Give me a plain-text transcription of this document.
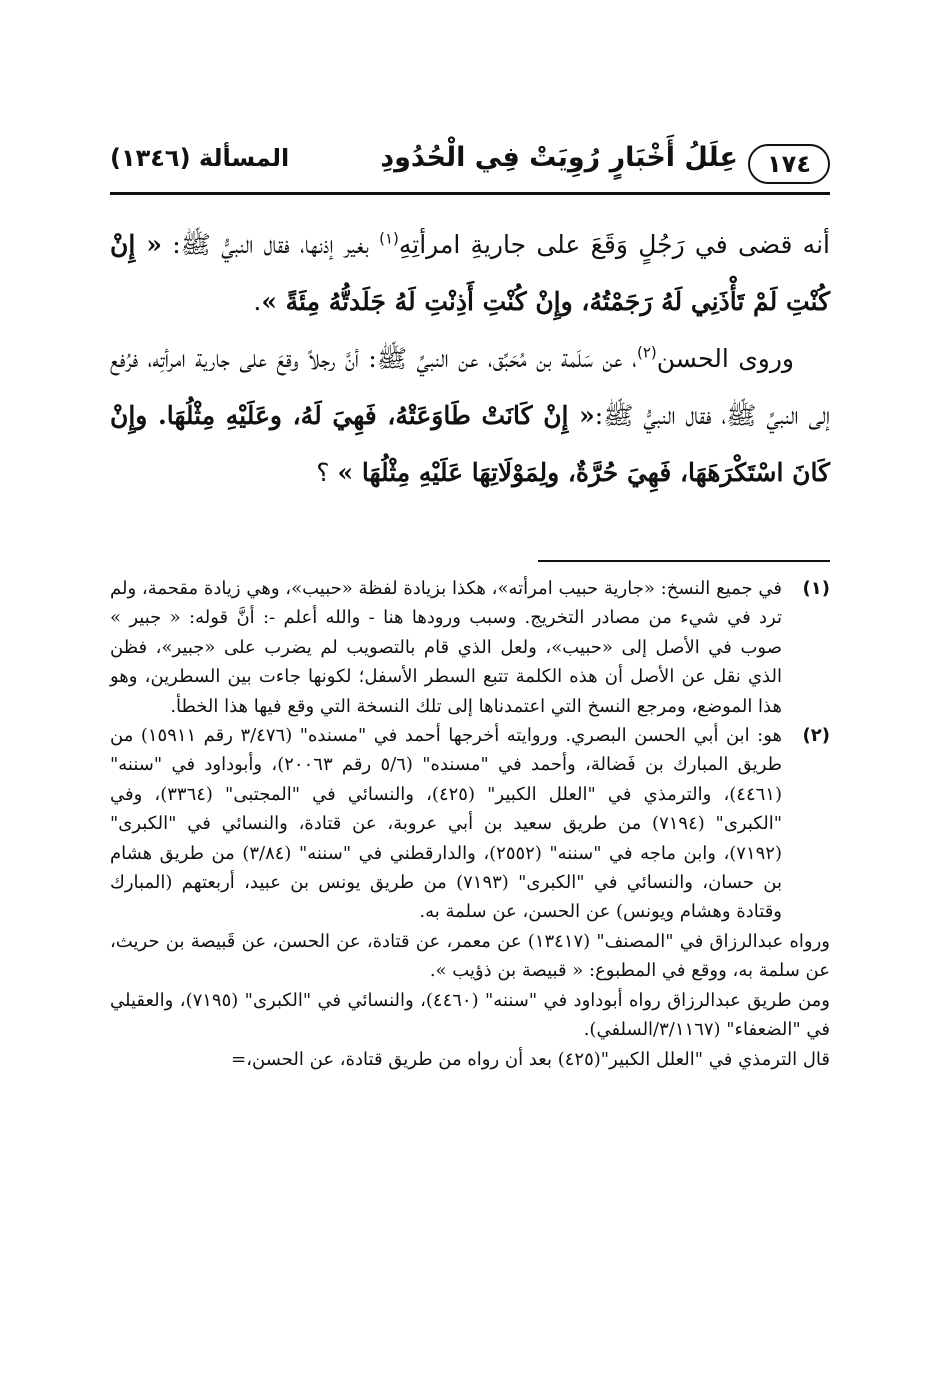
١٧٤
عِلَلُ أَخْبَارٍ رُوِيَتْ فِي الْحُدُودِ
المسألة (١٣٤٦)

أنه قضى في رَجُلٍ وَقَعَ على جاريةِ امرأتِهِ$^{(١)}$ بغير إذنها، فقال النبيُّ ﷺ: « إِنْ كُنْتِ لَمْ تَأْذَنِي لَهُ رَجَمْتُهُ، وإِنْ كُنْتِ أَذِنْتِ لَهُ جَلَدتُّهُ مِئَةً ».

وروى الحسن$^{(٢)}$، عن سَلَمة بن مُحَبِّق، عن النبيِّ ﷺ: أنَّ رجلاً وقعَ على جارية امرأتِه، فرُفع إلى النبيِّ ﷺ، فقال النبيُّ ﷺ:« إِنْ كَانَتْ طَاوَعَتْهُ، فَهِيَ لَهُ، وعَلَيْهِ مِثْلُهَا. وإِنْ كَانَ اسْتَكْرَهَهَا، فَهِيَ حُرَّةٌ، ولِمَوْلَاتِهَا عَلَيْهِ مِثْلُهَا » ؟

(١)
في جميع النسخ: «جارية حبيب امرأته»، هكذا بزيادة لفظة «حبيب»، وهي زيادة مقحمة، ولم ترد في شيء من مصادر التخريج. وسبب ورودها هنا - والله أعلم -: أنَّ قوله: « جبير » صوب في الأصل إلى «حبيب»، ولعل الذي قام بالتصويب لم يضرب على «جبير»، فظن الذي نقل عن الأصل أن هذه الكلمة تتبع السطر الأسفل؛ لكونها جاءت بين السطرين، وهو هذا الموضع، ومرجع النسخ التي اعتمدناها إلى تلك النسخة التي وقع فيها هذا الخطأ.
(٢)
هو: ابن أبي الحسن البصري. وروايته أخرجها أحمد في "مسنده" (٣/٤٧٦ رقم ١٥٩١١) من طريق المبارك بن فَضالة، وأحمد في "مسنده" (٥/٦ رقم ٢٠٠٦٣)، وأبوداود في "سننه" (٤٤٦١)، والترمذي في "العلل الكبير" (٤٢٥)، والنسائي في "المجتبى" (٣٣٦٤)، وفي "الكبرى" (٧١٩٤) من طريق سعيد بن أبي عروبة، عن قتادة، والنسائي في "الكبرى" (٧١٩٢)، وابن ماجه في "سننه" (٢٥٥٢)، والدارقطني في "سننه" (٣/٨٤) من طريق هشام بن حسان، والنسائي في "الكبرى" (٧١٩٣) من طريق يونس بن عبيد، أربعتهم (المبارك وقتادة وهشام ويونس) عن الحسن، عن سلمة به.

ورواه عبدالرزاق في "المصنف" (١٣٤١٧) عن معمر، عن قتادة، عن الحسن، عن قَبيصة بن حريث، عن سلمة به، ووقع في المطبوع: « قبيصة بن ذؤيب ».

ومن طريق عبدالرزاق رواه أبوداود في "سننه" (٤٤٦٠)، والنسائي في "الكبرى" (٧١٩٥)، والعقيلي في "الضعفاء" (٣/١١٦٧/السلفي).

قال الترمذي في "العلل الكبير"(٤٢٥) بعد أن رواه من طريق قتادة، عن الحسن،=
